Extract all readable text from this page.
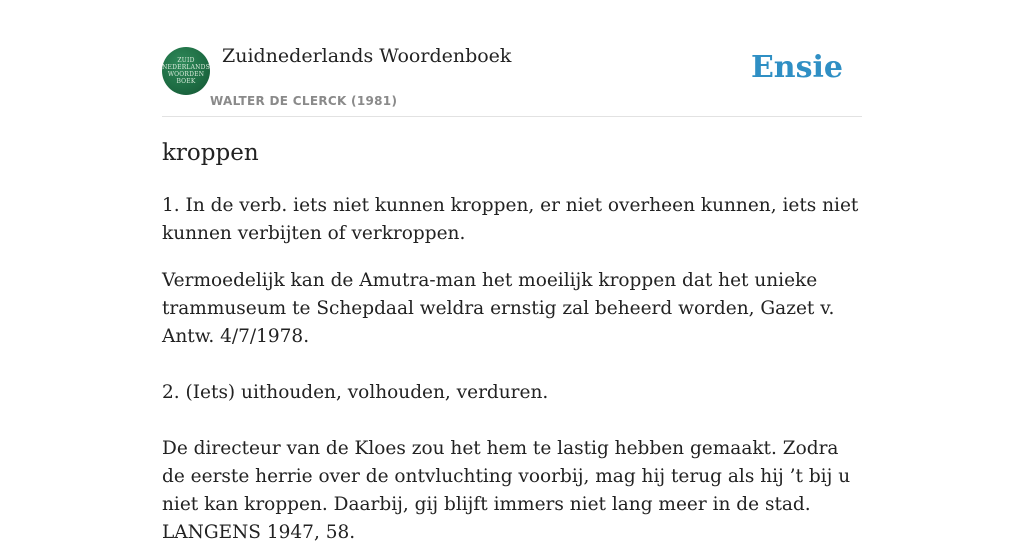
ZUID
NEDERLANDS
WOORDEN
BOEK
Zuidnederlands Woordenboek
WALTER DE CLERCK (1981)
Ensie
kroppen

1. In de verb. iets niet kunnen kroppen, er niet overheen kunnen, iets niet kunnen verbijten of verkroppen.

Vermoedelijk kan de Amutra-man het moeilijk kroppen dat het unieke trammuseum te Schepdaal weldra ernstig zal beheerd worden, Gazet v. Antw. 4/7/1978.

2. (Iets) uithouden, volhouden, verduren.

De directeur van de Kloes zou het hem te lastig hebben gemaakt. Zodra de eerste herrie over de ontvluchting voorbij, mag hij terug als hij ’t bij u niet kan kroppen. Daarbij, gij blijft immers niet lang meer in de stad. LANGENS 1947, 58.
